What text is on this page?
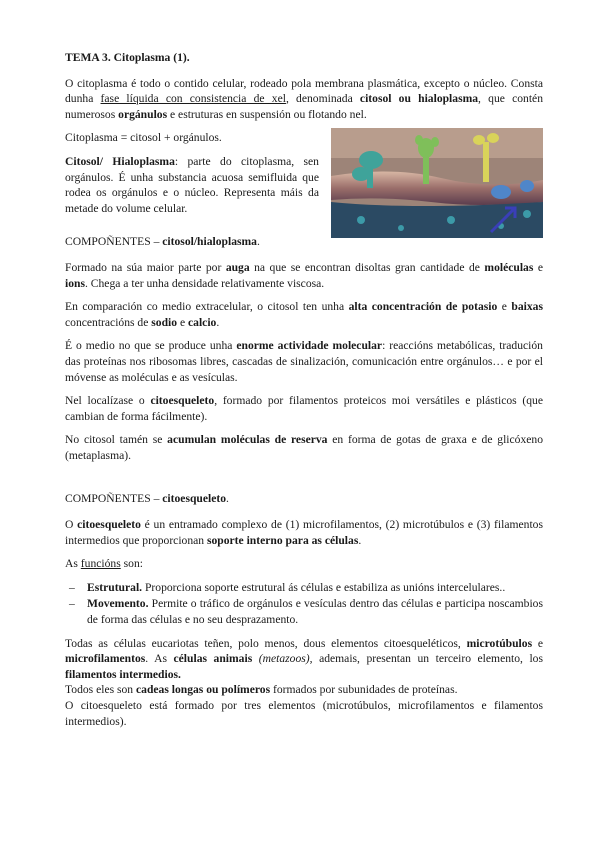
TEMA 3. Citoplasma (1).

O citoplasma é todo o contido celular, rodeado pola membrana plasmática, excepto o núcleo. Consta dunha fase líquida con consistencia de xel, denominada citosol ou hialoplasma, que contén numerosos orgánulos e estruturas en suspensión ou flotando nel.

Citoplasma = citosol + orgánulos.

Citosol/ Hialoplasma: parte do citoplasma, sen orgánulos. É unha substancia acuosa semifluida que rodea os orgánulos e o núcleo. Representa máis da metade do volume celular.

COMPOÑENTES – citosol/hialoplasma.

Formado na súa maior parte por auga na que se encontran disoltas gran cantidade de moléculas e ions. Chega a ter unha densidade relativamente viscosa.

En comparación co medio extracelular, o citosol ten unha alta concentración de potasio e baixas concentracións de sodio e calcio.

É o medio no que se produce unha enorme actividade molecular: reaccións metabólicas, tradución das proteínas nos ribosomas libres, cascadas de sinalización, comunicación entre orgánulos… e por el móvense as moléculas e as vesículas.

Nel localízase o citoesqueleto, formado por filamentos proteicos moi versátiles e plásticos (que cambian de forma fácilmente).

No citosol tamén se acumulan moléculas de reserva en forma de gotas de graxa e de glicóxeno (metaplasma).

COMPOÑENTES – citoesqueleto.

O citoesqueleto é un entramado complexo de (1) microfilamentos, (2) microtúbulos e (3) filamentos intermedios que proporcionan soporte interno para as células.

As funcións son:

– Estrutural. Proporciona soporte estrutural ás células e estabiliza as unións intercelulares..
– Movemento. Permite o tráfico de orgánulos e vesículas dentro das células e participa noscambios de forma das células e no seu desprazamento.

Todas as células eucariotas teñen, polo menos, dous elementos citoesqueléticos, microtúbulos e microfilamentos. As células animais (metazoos), ademais, presentan un terceiro elemento, los filamentos intermedios.

Todos eles son cadeas longas ou polímeros formados por subunidades de proteínas.

O citoesqueleto está formado por tres elementos (microtúbulos, microfilamentos e filamentos intermedios).
